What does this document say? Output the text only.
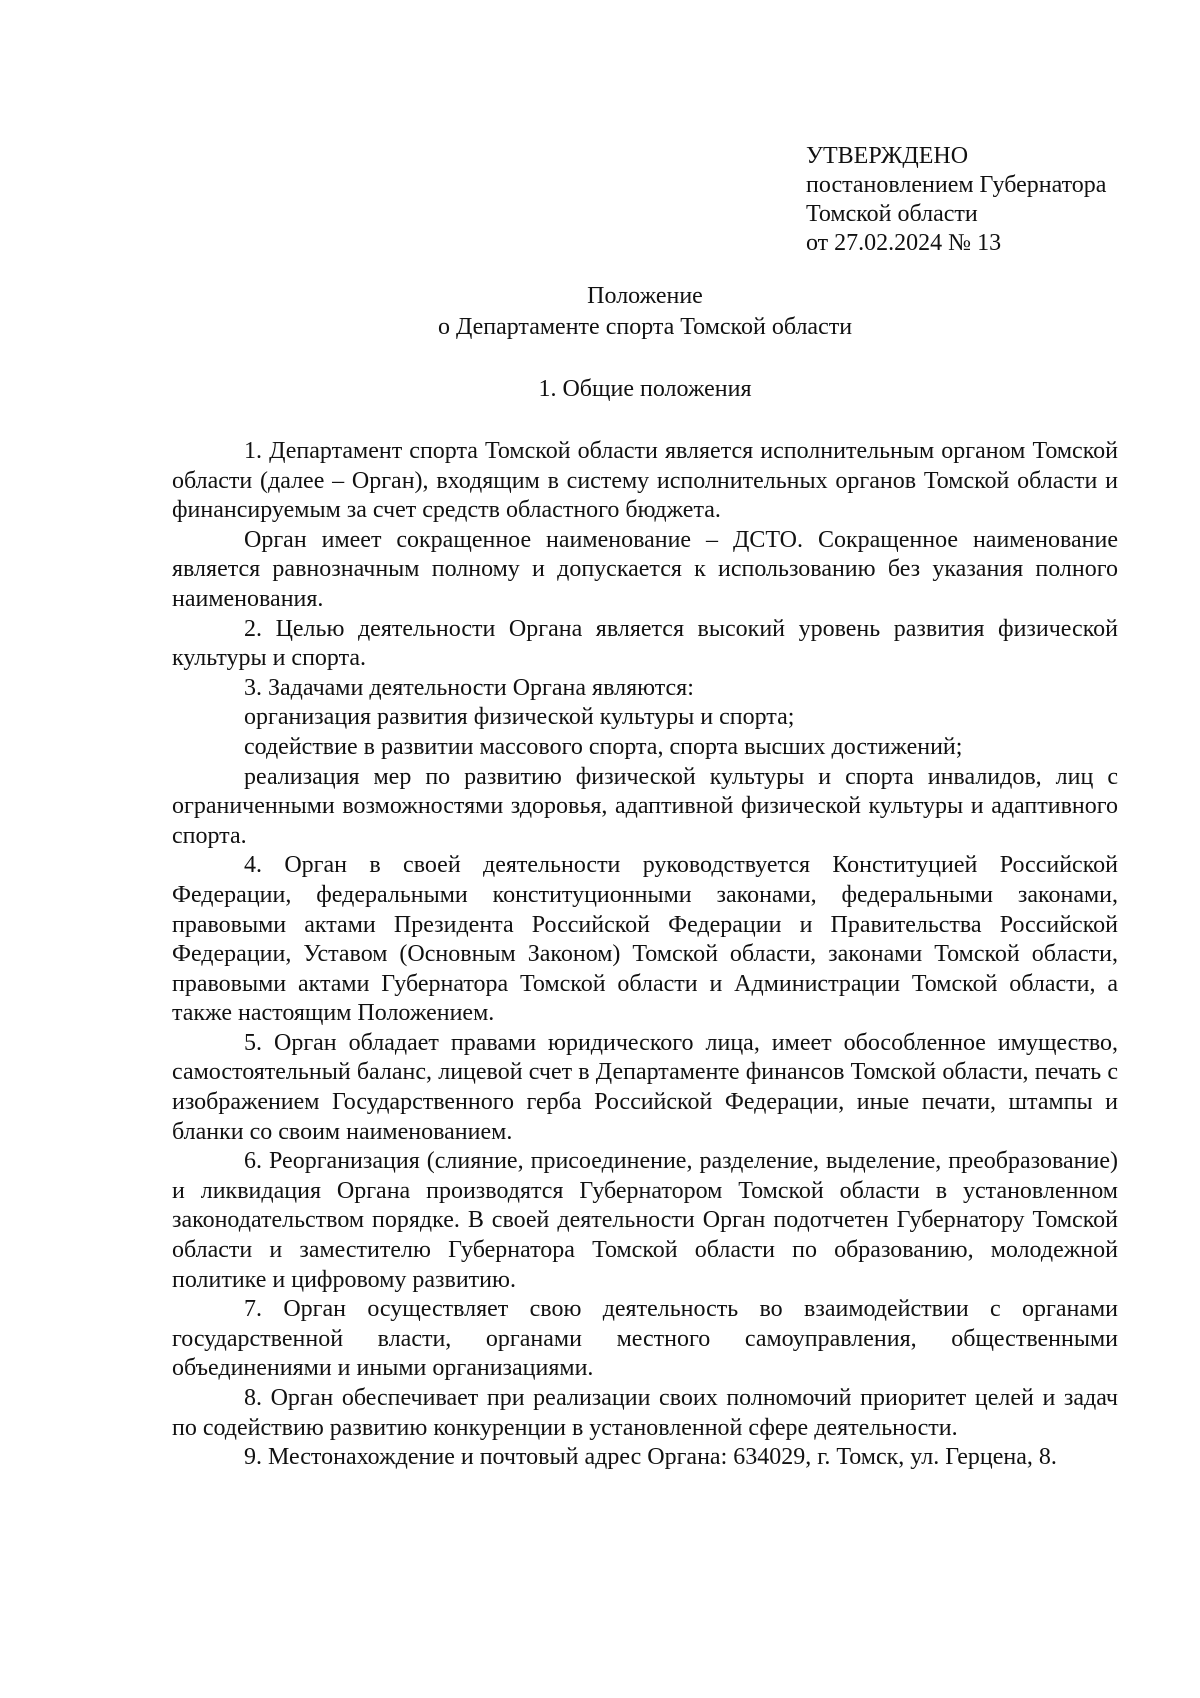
УТВЕРЖДЕНО
постановлением Губернатора
Томской области
от 27.02.2024 № 13
Положение
о Департаменте спорта Томской области
1. Общие положения

1. Департамент спорта Томской области является исполнительным органом Томской области (далее – Орган), входящим в систему исполнительных органов Томской области и финансируемым за счет средств областного бюджета.

Орган имеет сокращенное наименование – ДСТО. Сокращенное наименование является равнозначным полному и допускается к использованию без указания полного наименования.

2. Целью деятельности Органа является высокий уровень развития физической культуры и спорта.

3. Задачами деятельности Органа являются:

организация развития физической культуры и спорта;

содействие в развитии массового спорта, спорта высших достижений;

реализация мер по развитию физической культуры и спорта инвалидов, лиц с ограниченными возможностями здоровья, адаптивной физической культуры и адаптивного спорта.

4. Орган в своей деятельности руководствуется Конституцией Российской Федерации, федеральными конституционными законами, федеральными законами, правовыми актами Президента Российской Федерации и Правительства Российской Федерации, Уставом (Основным Законом) Томской области, законами Томской области, правовыми актами Губернатора Томской области и Администрации Томской области, а также настоящим Положением.

5. Орган обладает правами юридического лица, имеет обособленное имущество, самостоятельный баланс, лицевой счет в Департаменте финансов Томской области, печать с изображением Государственного герба Российской Федерации, иные печати, штампы и бланки со своим наименованием.

6. Реорганизация (слияние, присоединение, разделение, выделение, преобразование) и ликвидация Органа производятся Губернатором Томской области в установленном законодательством порядке. В своей деятельности Орган подотчетен Губернатору Томской области и заместителю Губернатора Томской области по образованию, молодежной политике и цифровому развитию.

7. Орган осуществляет свою деятельность во взаимодействии с органами государственной власти, органами местного самоуправления, общественными объединениями и иными организациями.

8. Орган обеспечивает при реализации своих полномочий приоритет целей и задач по содействию развитию конкуренции в установленной сфере деятельности.

9. Местонахождение и почтовый адрес Органа: 634029, г. Томск, ул. Герцена, 8.
